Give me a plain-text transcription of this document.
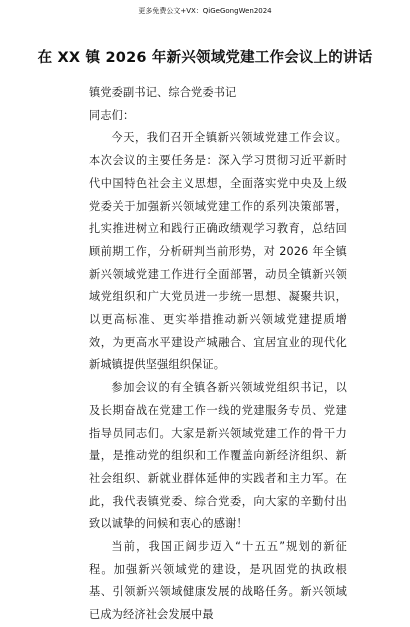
更多免费公文+VX：QiGeGongWen2024
在 XX 镇 2026 年新兴领域党建工作会议上的讲话

镇党委副书记、综合党委书记

同志们：

今天，我们召开全镇新兴领域党建工作会议。本次会议的主要任务是：深入学习贯彻习近平新时代中国特色社会主义思想，全面落实党中央及上级党委关于加强新兴领域党建工作的系列决策部署，扎实推进树立和践行正确政绩观学习教育，总结回顾前期工作，分析研判当前形势，对 2026 年全镇新兴领域党建工作进行全面部署，动员全镇新兴领域党组织和广大党员进一步统一思想、凝聚共识，以更高标准、更实举措推动新兴领域党建提质增效，为更高水平建设产城融合、宜居宜业的现代化新城镇提供坚强组织保证。

参加会议的有全镇各新兴领域党组织书记，以及长期奋战在党建工作一线的党建服务专员、党建指导员同志们。大家是新兴领域党建工作的骨干力量，是推动党的组织和工作覆盖向新经济组织、新社会组织、新就业群体延伸的实践者和主力军。在此，我代表镇党委、综合党委，向大家的辛勤付出致以诚挚的问候和衷心的感谢！

当前，我国正阔步迈入“十五五”规划的新征程。加强新兴领域党的建设，是巩固党的执政根基、引领新兴领域健康发展的战略任务。新兴领域已成为经济社会发展中最
